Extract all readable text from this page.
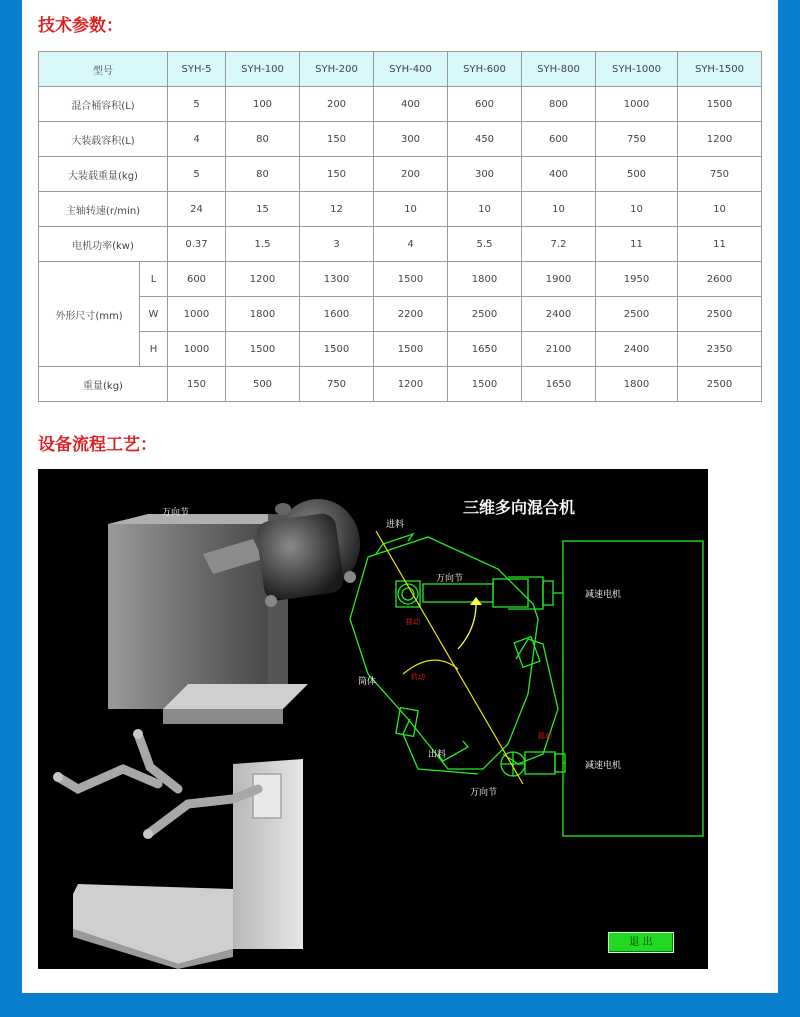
技术参数：
型号		SYH-5	SYH-100	SYH-200	SYH-400	SYH-600	SYH-800	SYH-1000	SYH-1500
混合桶容积(L)		5	100	200	400	600	800	1000	1500
大装载容积(L)		4	80	150	300	450	600	750	1200
大装载重量(kg)		5	80	150	200	300	400	500	750
主轴转速(r/min)		24	15	12	10	10	10	10	10
电机功率(kw)		0.37	1.5	3	4	5.5	7.2	11	11
外形尺寸(mm)	L	600	1200	1300	1500	1800	1900	1950	2600
	W	1000	1800	1600	2200	2500	2400	2500	2500
	H	1000	1500	1500	1500	1650	2100	2400	2350
重量(kg)		150	500	750	1200	1500	1650	1800	2500
设备流程工艺：
万向节	三维多向混合机
进料
万向节
减速电机
摇动
筒体	转动
摇动
出料
减速电机
万向节
退 出
